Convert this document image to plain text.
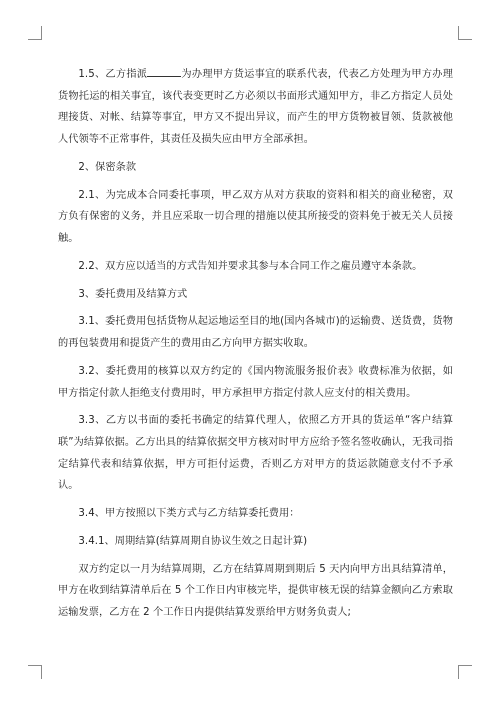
1.5、乙方指派	为办理甲方货运事宜的联系代表，代表乙方处理为甲方办理货物托运的相关事宜，该代表变更时乙方必须以书面形式通知甲方，非乙方指定人员处理接货、对帐、结算等事宜，甲方又不提出异议，而产生的甲方货物被冒领、货款被他人代领等不正常事件，其责任及损失应由甲方全部承担。

2、保密条款

2.1、为完成本合同委托事项，甲乙双方从对方获取的资料和相关的商业秘密，双方负有保密的义务，并且应采取一切合理的措施以使其所接受的资料免于被无关人员接触。

2.2、双方应以适当的方式告知并要求其参与本合同工作之雇员遵守本条款。

3、委托费用及结算方式

3.1、委托费用包括货物从起运地运至目的地(国内各城市)的运输费、送货费，货物的再包装费用和提货产生的费用由乙方向甲方据实收取。

3.2、委托费用的核算以双方约定的《国内物流服务报价表》收费标准为依据，如甲方指定付款人拒绝支付费用时，甲方承担甲方指定付款人应支付的相关费用。

3.3、乙方以书面的委托书确定的结算代理人，依照乙方开具的货运单“客户结算联”为结算依据。乙方出具的结算依据交甲方核对时甲方应给予签名签收确认，无我司指定结算代表和结算依据，甲方可拒付运费，否则乙方对甲方的货运款随意支付不予承认。

3.4、甲方按照以下类方式与乙方结算委托费用：

3.4.1、周期结算(结算周期自协议生效之日起计算)

双方约定以一月为结算周期，乙方在结算周期到期后 5 天内向甲方出具结算清单，甲方在收到结算清单后在 5 个工作日内审核完毕，提供审核无误的结算金额向乙方索取运输发票，乙方在 2 个工作日内提供结算发票给甲方财务负责人;
